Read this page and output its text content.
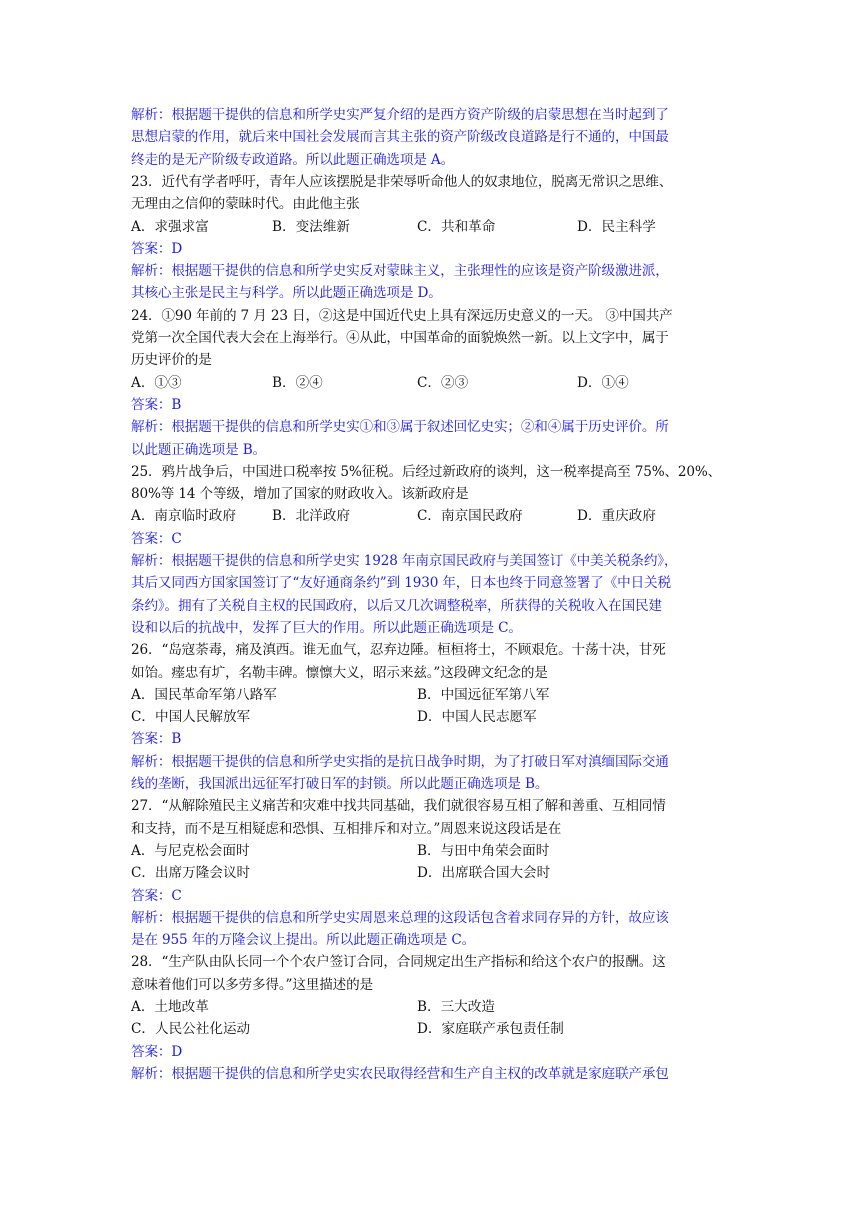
解析：根据题干提供的信息和所学史实严复介绍的是西方资产阶级的启蒙思想在当时起到了
思想启蒙的作用，就后来中国社会发展而言其主张的资产阶级改良道路是行不通的，中国最
终走的是无产阶级专政道路。所以此题正确选项是 A。
23．近代有学者呼吁，青年人应该摆脱是非荣辱听命他人的奴隶地位，脱离无常识之思维、
无理由之信仰的蒙昧时代。由此他主张
A．求强求富	B．变法维新	C．共和革命	D．民主科学
答案：D
解析：根据题干提供的信息和所学史实反对蒙昧主义，主张理性的应该是资产阶级激进派，
其核心主张是民主与科学。所以此题正确选项是 D。
24．①90 年前的 7 月 23 日，②这是中国近代史上具有深远历史意义的一天。 ③中国共产
党第一次全国代表大会在上海举行。④从此，中国革命的面貌焕然一新。以上文字中，属于
历史评价的是
A．①③	B．②④	C．②③	D．①④
答案：B
解析：根据题干提供的信息和所学史实①和③属于叙述回忆史实；②和④属于历史评价。所
以此题正确选项是 B。
25．鸦片战争后，中国进口税率按 5%征税。后经过新政府的谈判，这一税率提高至 75%、20%、
80%等 14 个等级，增加了国家的财政收入。该新政府是
A．南京临时政府	B．北洋政府	C．南京国民政府	D．重庆政府
答案：C
解析：根据题干提供的信息和所学史实 1928 年南京国民政府与美国签订《中美关税条约》，
其后又同西方国家国签订了“友好通商条约”到 1930 年，日本也终于同意签署了《中日关税
条约》。拥有了关税自主权的民国政府，以后又几次调整税率，所获得的关税收入在国民建
设和以后的抗战中，发挥了巨大的作用。所以此题正确选项是 C。
26．“岛寇荼毒，痛及滇西。谁无血气，忍弃边陲。桓桓将士，不顾艰危。十荡十决，甘死
如饴。瘗忠有圹，名勒丰碑。懔懔大义，昭示来兹。”这段碑文纪念的是
A．国民革命军第八路军	B．中国远征军第八军
C．中国人民解放军	D．中国人民志愿军
答案：B
解析：根据题干提供的信息和所学史实指的是抗日战争时期，为了打破日军对滇缅国际交通
线的垄断，我国派出远征军打破日军的封锁。所以此题正确选项是 B。
27．“从解除殖民主义痛苦和灾难中找共同基础，我们就很容易互相了解和善重、互相同情
和支持，而不是互相疑虑和恐惧、互相排斥和对立。”周恩来说这段话是在
A．与尼克松会面时	B．与田中角荣会面时
C．出席万隆会议时	D．出席联合国大会时
答案：C
解析：根据题干提供的信息和所学史实周恩来总理的这段话包含着求同存异的方针，故应该
是在 955 年的万隆会议上提出。所以此题正确选项是 C。
28．“生产队由队长同一个个农户签订合同，合同规定出生产指标和给这个农户的报酬。这
意味着他们可以多劳多得。”这里描述的是
A．土地改革	B．三大改造
C．人民公社化运动	D．家庭联产承包责任制
答案：D
解析：根据题干提供的信息和所学史实农民取得经营和生产自主权的改革就是家庭联产承包
